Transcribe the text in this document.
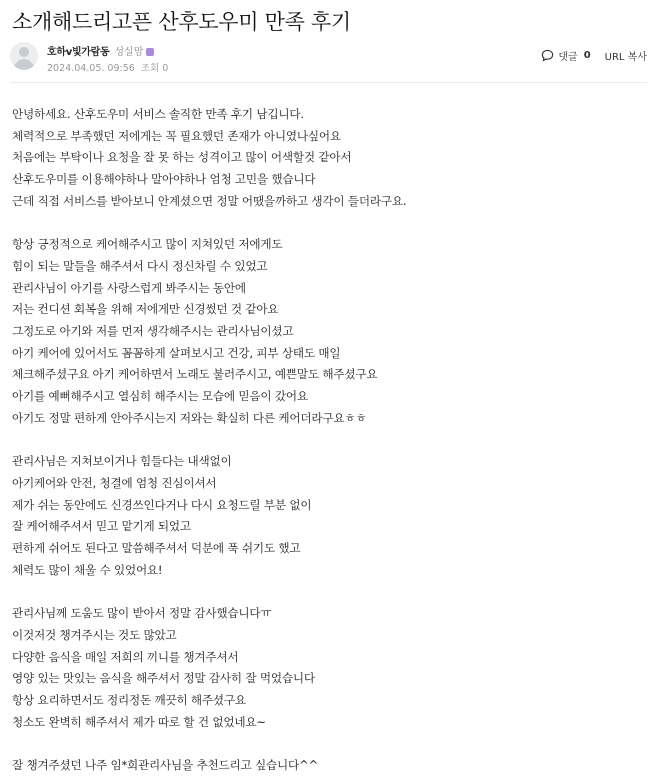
소개해드리고픈 산후도우미 만족 후기
호하v빛가람동 성실맘
2024.04.05. 09:56 조회 0
댓글 0 URL 복사

안녕하세요. 산후도우미 서비스 솔직한 만족 후기 남깁니다.

체력적으로 부족했던 저에게는 꼭 필요했던 존재가 아니였나싶어요

처음에는 부탁이나 요청을 잘 못 하는 성격이고 많이 어색할것 같아서

산후도우미를 이용해야하나 말아야하나 엄청 고민을 했습니다

근데 직접 서비스를 받아보니 안계셨으면 정말 어땠을까하고 생각이 들더라구요.

항상 긍정적으로 케어해주시고 많이 지쳐있던 저에게도

힘이 되는 말들을 해주셔서 다시 정신차릴 수 있었고

관리사님이 아기를 사랑스럽게 봐주시는 동안에

저는 컨디션 회복을 위해 저에게만 신경썼던 것 같아요

그정도로 아기와 저를 먼저 생각해주시는 관리사님이셨고

아기 케어에 있어서도 꼼꼼하게 살펴보시고 건강, 피부 상태도 매일

체크해주셨구요 아기 케어하면서 노래도 불러주시고, 예쁜말도 해주셨구요

아기를 예뻐해주시고 열심히 해주시는 모습에 믿음이 갔어요

아기도 정말 편하게 안아주시는지 저와는 확실히 다른 케어더라구요ㅎㅎ

관리사님은 지쳐보이거나 힘들다는 내색없이

아기케어와 안전, 청결에 엄청 진심이셔서

제가 쉬는 동안에도 신경쓰인다거나 다시 요청드릴 부분 없이

잘 케어해주셔서 믿고 맡기게 되었고

편하게 쉬어도 된다고 말씀해주셔서 덕분에 푹 쉬기도 했고

체력도 많이 채울 수 있었어요!

관리사님께 도움도 많이 받아서 정말 감사했습니다ㅠ

이것저것 챙겨주시는 것도 많았고

다양한 음식을 매일 저희의 끼니를 챙겨주셔서

영양 있는 맛있는 음식을 해주셔서 정말 감사히 잘 먹었습니다

항상 요리하면서도 정리정돈 깨끗히 해주셨구요

청소도 완벽히 해주셔서 제가 따로 할 건 없었네요~

잘 챙겨주셨던 나주 임*희관리사님을 추천드리고 싶습니다^^
